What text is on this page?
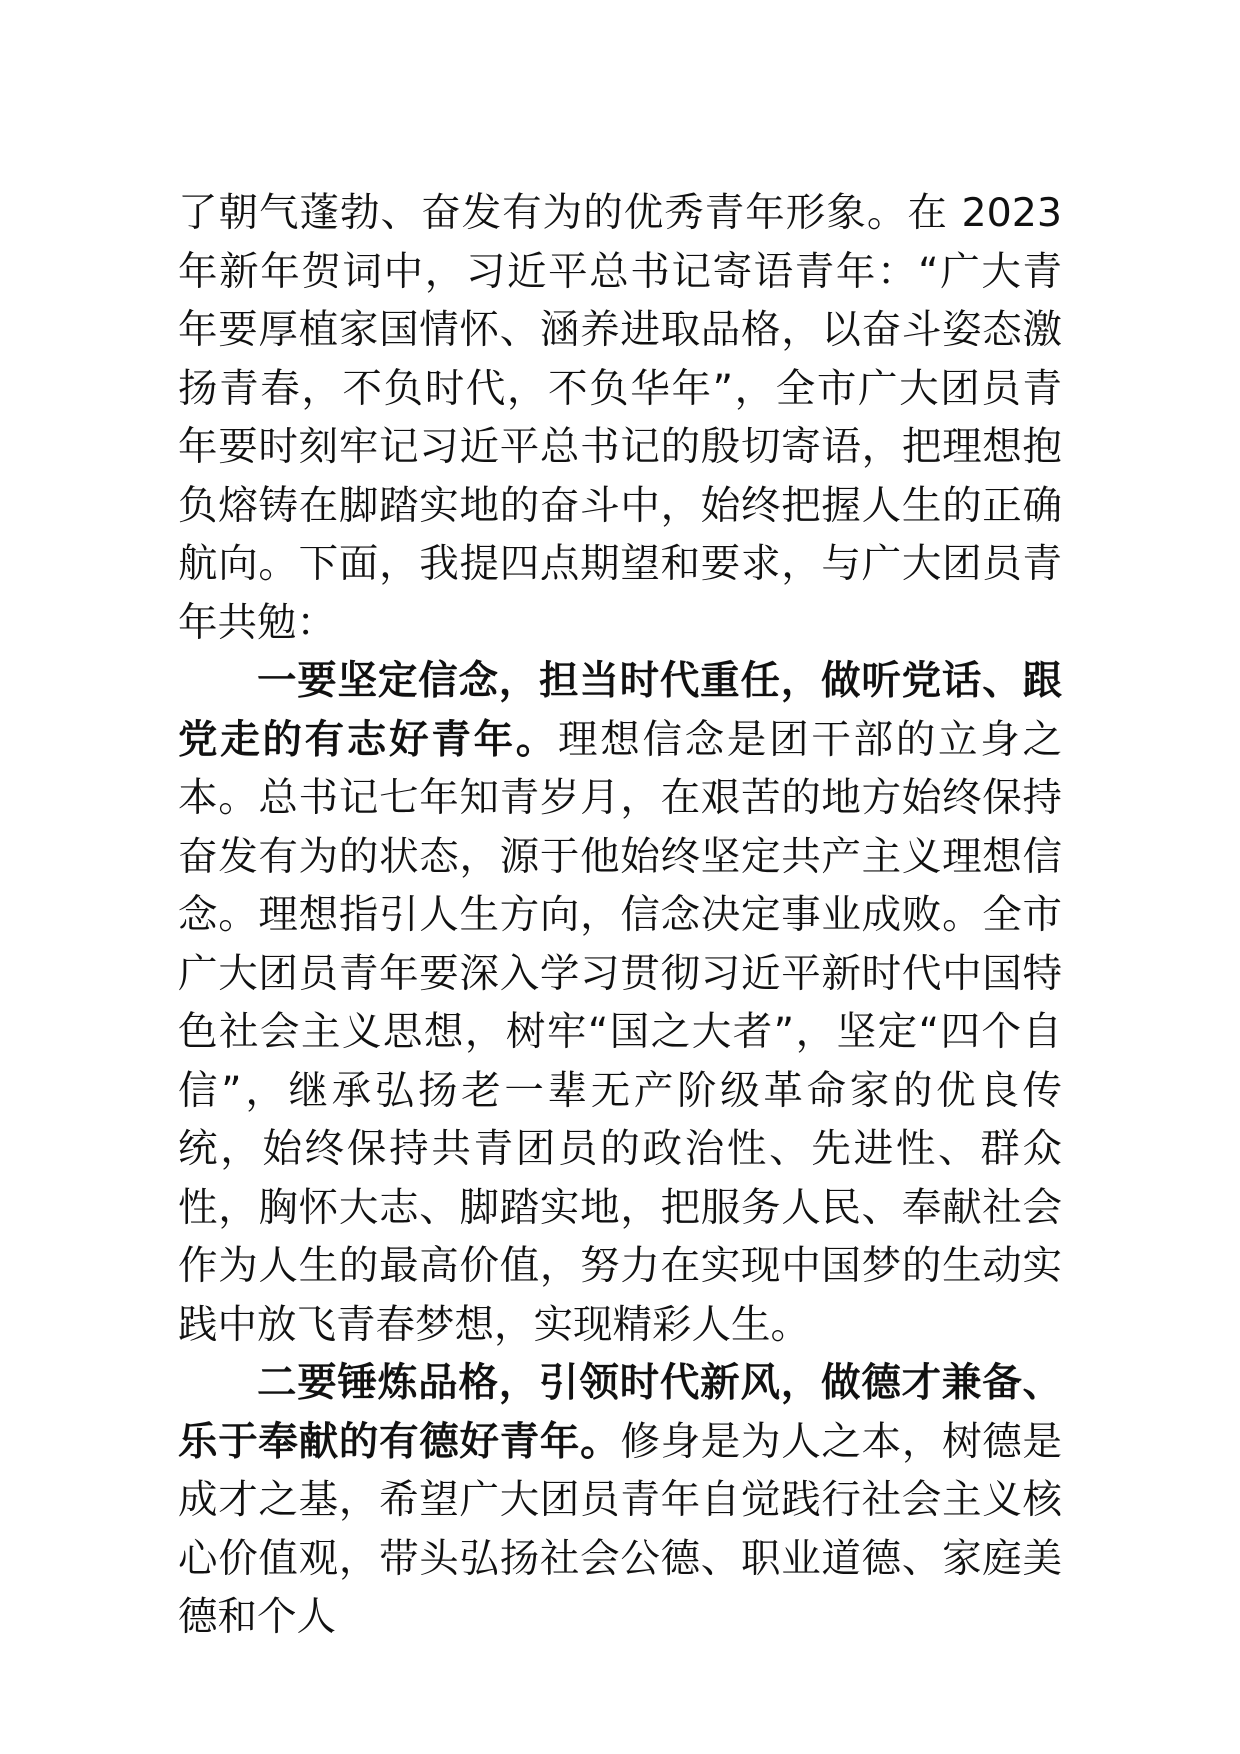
了朝气蓬勃、奋发有为的优秀青年形象。在 2023 年新年贺词中，习近平总书记寄语青年：“广大青年要厚植家国情怀、涵养进取品格，以奋斗姿态激扬青春，不负时代，不负华年”，全市广大团员青年要时刻牢记习近平总书记的殷切寄语，把理想抱负熔铸在脚踏实地的奋斗中，始终把握人生的正确航向。下面，我提四点期望和要求，与广大团员青年共勉：

一要坚定信念，担当时代重任，做听党话、跟党走的有志好青年。理想信念是团干部的立身之本。总书记七年知青岁月，在艰苦的地方始终保持奋发有为的状态，源于他始终坚定共产主义理想信念。理想指引人生方向，信念决定事业成败。全市广大团员青年要深入学习贯彻习近平新时代中国特色社会主义思想，树牢“国之大者”，坚定“四个自信”，继承弘扬老一辈无产阶级革命家的优良传统，始终保持共青团员的政治性、先进性、群众性，胸怀大志、脚踏实地，把服务人民、奉献社会作为人生的最高价值，努力在实现中国梦的生动实践中放飞青春梦想，实现精彩人生。

二要锤炼品格，引领时代新风，做德才兼备、乐于奉献的有德好青年。修身是为人之本，树德是成才之基，希望广大团员青年自觉践行社会主义核心价值观，带头弘扬社会公德、职业道德、家庭美德和个人
